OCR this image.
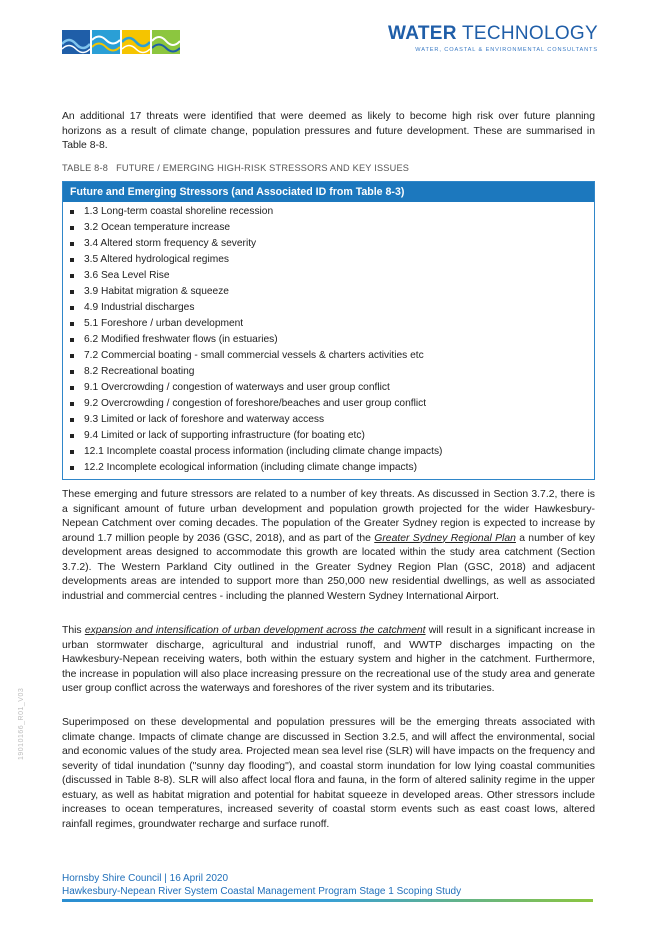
WATER TECHNOLOGY
WATER, COASTAL & ENVIRONMENTAL CONSULTANTS

An additional 17 threats were identified that were deemed as likely to become high risk over future planning horizons as a result of climate change, population pressures and future development. These are summarised in Table 8-8.

TABLE 8-8 FUTURE / EMERGING HIGH-RISK STRESSORS AND KEY ISSUES
Future and Emerging Stressors (and Associated ID from Table 8-3)
1.3 Long-term coastal shoreline recession
3.2 Ocean temperature increase
3.4 Altered storm frequency & severity
3.5 Altered hydrological regimes
3.6 Sea Level Rise
3.9 Habitat migration & squeeze
4.9 Industrial discharges
5.1 Foreshore / urban development
6.2 Modified freshwater flows (in estuaries)
7.2 Commercial boating - small commercial vessels & charters activities etc
8.2 Recreational boating
9.1 Overcrowding / congestion of waterways and user group conflict
9.2 Overcrowding / congestion of foreshore/beaches and user group conflict
9.3 Limited or lack of foreshore and waterway access
9.4 Limited or lack of supporting infrastructure (for boating etc)
12.1 Incomplete coastal process information (including climate change impacts)
12.2 Incomplete ecological information (including climate change impacts)

These emerging and future stressors are related to a number of key threats. As discussed in Section 3.7.2, there is a significant amount of future urban development and population growth projected for the wider Hawkesbury-Nepean Catchment over coming decades. The population of the Greater Sydney region is expected to increase by around 1.7 million people by 2036 (GSC, 2018), and as part of the Greater Sydney Regional Plan a number of key development areas designed to accommodate this growth are located within the study area catchment (Section 3.7.2). The Western Parkland City outlined in the Greater Sydney Region Plan (GSC, 2018) and adjacent developments areas are intended to support more than 250,000 new residential dwellings, as well as associated industrial and commercial centres - including the planned Western Sydney International Airport.

This expansion and intensification of urban development across the catchment will result in a significant increase in urban stormwater discharge, agricultural and industrial runoff, and WWTP discharges impacting on the Hawkesbury-Nepean receiving waters, both within the estuary system and higher in the catchment. Furthermore, the increase in population will also place increasing pressure on the recreational use of the study area and generate user group conflict across the waterways and foreshores of the river system and its tributaries.

Superimposed on these developmental and population pressures will be the emerging threats associated with climate change. Impacts of climate change are discussed in Section 3.2.5, and will affect the environmental, social and economic values of the study area. Projected mean sea level rise (SLR) will have impacts on the frequency and severity of tidal inundation ("sunny day flooding"), and coastal storm inundation for low lying coastal communities (discussed in Table 8-8). SLR will also affect local flora and fauna, in the form of altered salinity regime in the upper estuary, as well as habitat migration and potential for habitat squeeze in developed areas. Other stressors include increases to ocean temperatures, increased severity of coastal storm events such as east coast lows, altered rainfall regimes, groundwater recharge and surface runoff.

19010166_R01_V03
Hornsby Shire Council | 16 April 2020
Hawkesbury-Nepean River System Coastal Management Program Stage 1 Scoping Study
